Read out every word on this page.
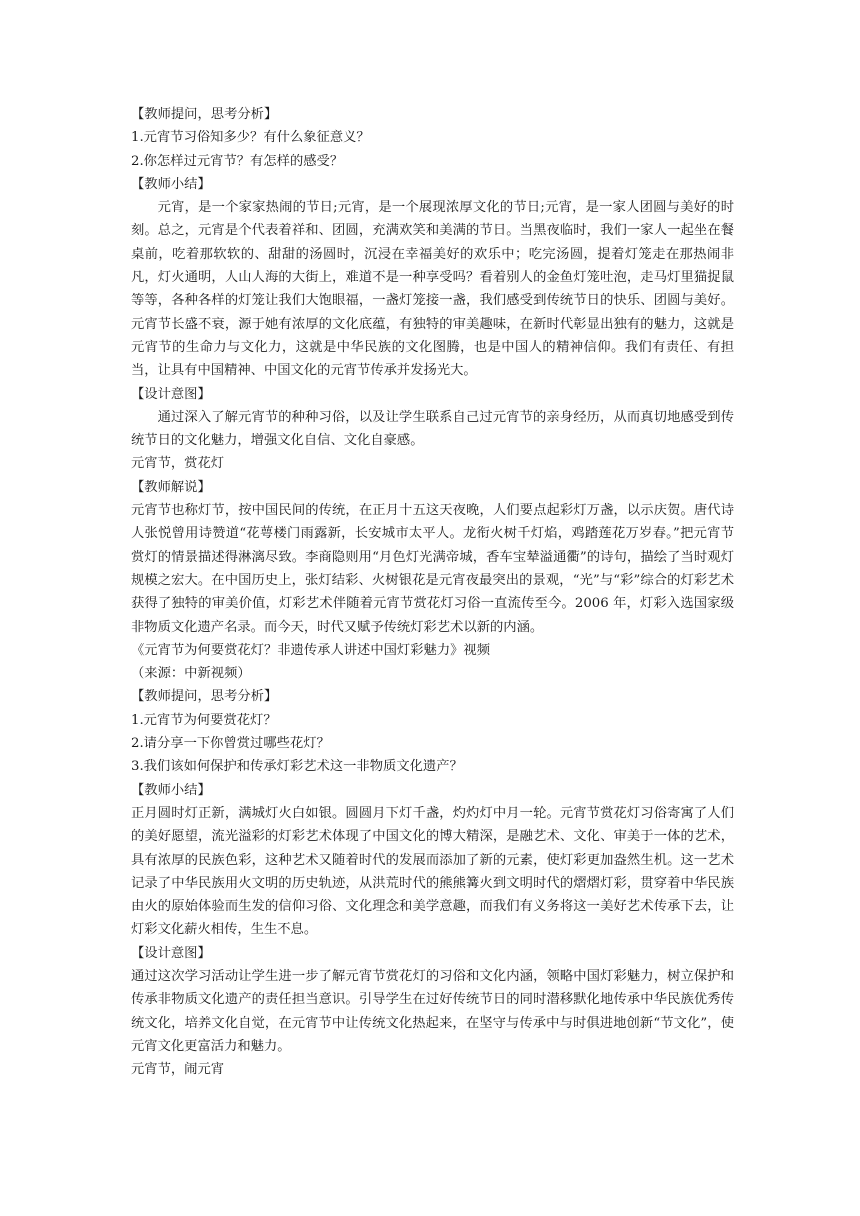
【教师提问，思考分析】

1.元宵节习俗知多少？有什么象征意义？

2.你怎样过元宵节？有怎样的感受？

【教师小结】

元宵，是一个家家热闹的节日;元宵，是一个展现浓厚文化的节日;元宵，是一家人团圆与美好的时刻。总之，元宵是个代表着祥和、团圆，充满欢笑和美满的节日。当黑夜临时，我们一家人一起坐在餐桌前，吃着那软软的、甜甜的汤圆时，沉浸在幸福美好的欢乐中；吃完汤圆，提着灯笼走在那热闹非凡，灯火通明，人山人海的大街上，难道不是一种享受吗？看着别人的金鱼灯笼吐泡，走马灯里猫捉鼠等等，各种各样的灯笼让我们大饱眼福，一盏灯笼接一盏，我们感受到传统节日的快乐、团圆与美好。元宵节长盛不衰，源于她有浓厚的文化底蕴，有独特的审美趣味，在新时代彰显出独有的魅力，这就是元宵节的生命力与文化力，这就是中华民族的文化图腾，也是中国人的精神信仰。我们有责任、有担当，让具有中国精神、中国文化的元宵节传承并发扬光大。

【设计意图】

通过深入了解元宵节的种种习俗，以及让学生联系自己过元宵节的亲身经历，从而真切地感受到传统节日的文化魅力，增强文化自信、文化自豪感。

元宵节，赏花灯

【教师解说】

元宵节也称灯节，按中国民间的传统，在正月十五这天夜晚，人们要点起彩灯万盏，以示庆贺。唐代诗人张悦曾用诗赞道“花萼楼门雨露新，长安城市太平人。龙衔火树千灯焰，鸡踏莲花万岁春。”把元宵节赏灯的情景描述得淋漓尽致。李商隐则用“月色灯光满帝城，香车宝辇溢通衢”的诗句，描绘了当时观灯规模之宏大。在中国历史上，张灯结彩、火树银花是元宵夜最突出的景观，“光”与“彩”综合的灯彩艺术获得了独特的审美价值，灯彩艺术伴随着元宵节赏花灯习俗一直流传至今。2006 年，灯彩入选国家级非物质文化遗产名录。而今天，时代又赋予传统灯彩艺术以新的内涵。

《元宵节为何要赏花灯？非遗传承人讲述中国灯彩魅力》视频

（来源：中新视频）

【教师提问，思考分析】

1.元宵节为何要赏花灯？

2.请分享一下你曾赏过哪些花灯？

3.我们该如何保护和传承灯彩艺术这一非物质文化遗产？

【教师小结】

正月圆时灯正新，满城灯火白如银。圆圆月下灯千盏，灼灼灯中月一轮。元宵节赏花灯习俗寄寓了人们的美好愿望，流光溢彩的灯彩艺术体现了中国文化的博大精深，是融艺术、文化、审美于一体的艺术，具有浓厚的民族色彩，这种艺术又随着时代的发展而添加了新的元素，使灯彩更加盎然生机。这一艺术记录了中华民族用火文明的历史轨迹，从洪荒时代的熊熊篝火到文明时代的熠熠灯彩，贯穿着中华民族由火的原始体验而生发的信仰习俗、文化理念和美学意趣，而我们有义务将这一美好艺术传承下去，让灯彩文化薪火相传，生生不息。

【设计意图】

通过这次学习活动让学生进一步了解元宵节赏花灯的习俗和文化内涵，领略中国灯彩魅力，树立保护和传承非物质文化遗产的责任担当意识。引导学生在过好传统节日的同时潜移默化地传承中华民族优秀传统文化，培养文化自觉，在元宵节中让传统文化热起来，在坚守与传承中与时俱进地创新“节文化”，使元宵文化更富活力和魅力。

元宵节，闹元宵
